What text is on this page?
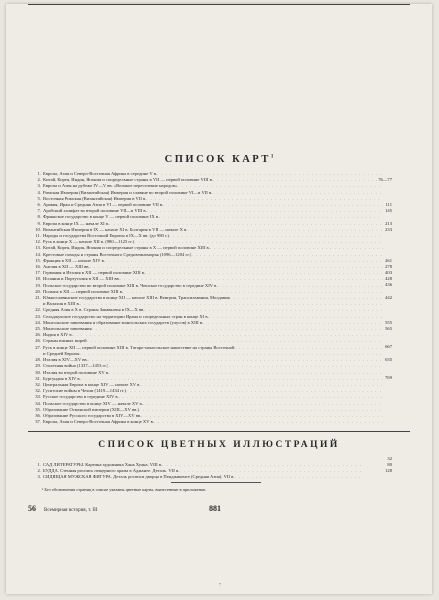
СПИСОК КАРТ$^1$
1. Европа, Азия и Северо-Восточная Африка в середине V в.
. . .
2. Китай, Корея, Индия, Япония и сопредельные страны в VII — первой половине VIII в.
. . .
3. Европа и Азия на рубеже IV—V вв. «Великое переселение народов»
. . .
4. Римская Империя (Византийская) Империя и славяне во второй половине VI—в VII в.
. . .
5. Восточная Римская (Византийская) Империя в VII в.
. . .
6. Аравия, Иран и Средняя Азия в VI — первой половине VII в.
. . .
7. Арабский халифат во второй половине VII—в VIII в.
. . .
8. Франкское государство в конце V — первой половине IX в.
. . .
9. Европа в конце IX — начале XI в.
. . .
10. Византийская Империя в IX — начале XI в. Болгария в VII — начале X в.
. . .
11. Народы и государства Восточной Европы в IX—X вв. (до 980 г.)
. . .
12. Русь в конце X — начале XII в. (980—1125 гг.)
. . .
13. Китай, Корея, Индия, Япония и сопредельные страны в X — первой половине XIII в.
. . .
14. Крестовые походы и страны Восточного Средиземноморья (1096—1204 гг.)
. . .
15. Франция в XII — начале XIV в.
. . .
16. Англия в XII — XIII вв.
. . .
17. Германия и Италия в XII — первой половине XIII в.
. . .
18. Испания и Португалия в XII — XIII вв.
. . .
19. Польское государство во второй половине XIII в. Чешское государство в середине XIV в.
. . .
20. Польша в XII — первой половине XIII в.
. . .
21. Южнославянские государства в конце XII — начале XIII в. Венгрия, Трансильвания, Молдавия
. . .
и Валахия в XIII в.
. . .
22. Средняя Азия в X в. Страны Закавказья в IX—X вв.
. . .
23. Сельджукское государство на территории Ирана и сопредельных стран в конце XI в.
. . .
24. Монгольские завоевания и образование монгольских государств (улусов) в XIII в.
. . .
25. Монгольские завоевания
. . .
26. Индия в XIV в.
. . .
26. Страны южных морей
. . .
27. Русь в конце XII — первой половине XIII в. Татаро-монгольское нашествие на страны Восточной
. . .
и Средней Европы
. . .
28. Италия в XIV—XV вв.
. . .
29. Столетняя война (1337—1453 гг.)
. . .
30. Италия во второй половине XV в.
. . .
31. Бургундия в XIV в.
. . .
32. Центральная Европа в конце XIV — начале XV в.
. . .
32. Гуситские войны в Чехии (1419—1434 гг.)
. . .
33. Русское государство в середине XIV в.
. . .
34. Польское государство в конце XIV — начале XV в.
. . .
35. Образование Османской империи (XIII—XV вв.)
. . .
36. Образование Русского государства в XIV—XV вв.
. . .
37. Европа, Азия и Северо-Восточная Африка в конце XV в.
. . .
76—77
111
145
213
233
261
278
403
428
436
442
555
565
667
635
769
СПИСОК ЦВЕТНЫХ ИЛЛЮСТРАЦИЙ
1. САД ЛИТЕРАТУРЫ. Картина художника Хань Хуана. VIII в.
. . .
2. БУДДА. Стенная роспись пещерного храма в Аджанте. Деталь. VII в.
. . .
3. СИДЯЩАЯ МУЖСКАЯ ФИГУРА. Деталь росписи дворца в Пенджикенте (Средняя Азия). VII в.
. . .
32
80
128
¹ Без обозначения страниц в списке указаны цветные карты, вынесенные в приложение.
56 Всемирная история, т. III	881
7
